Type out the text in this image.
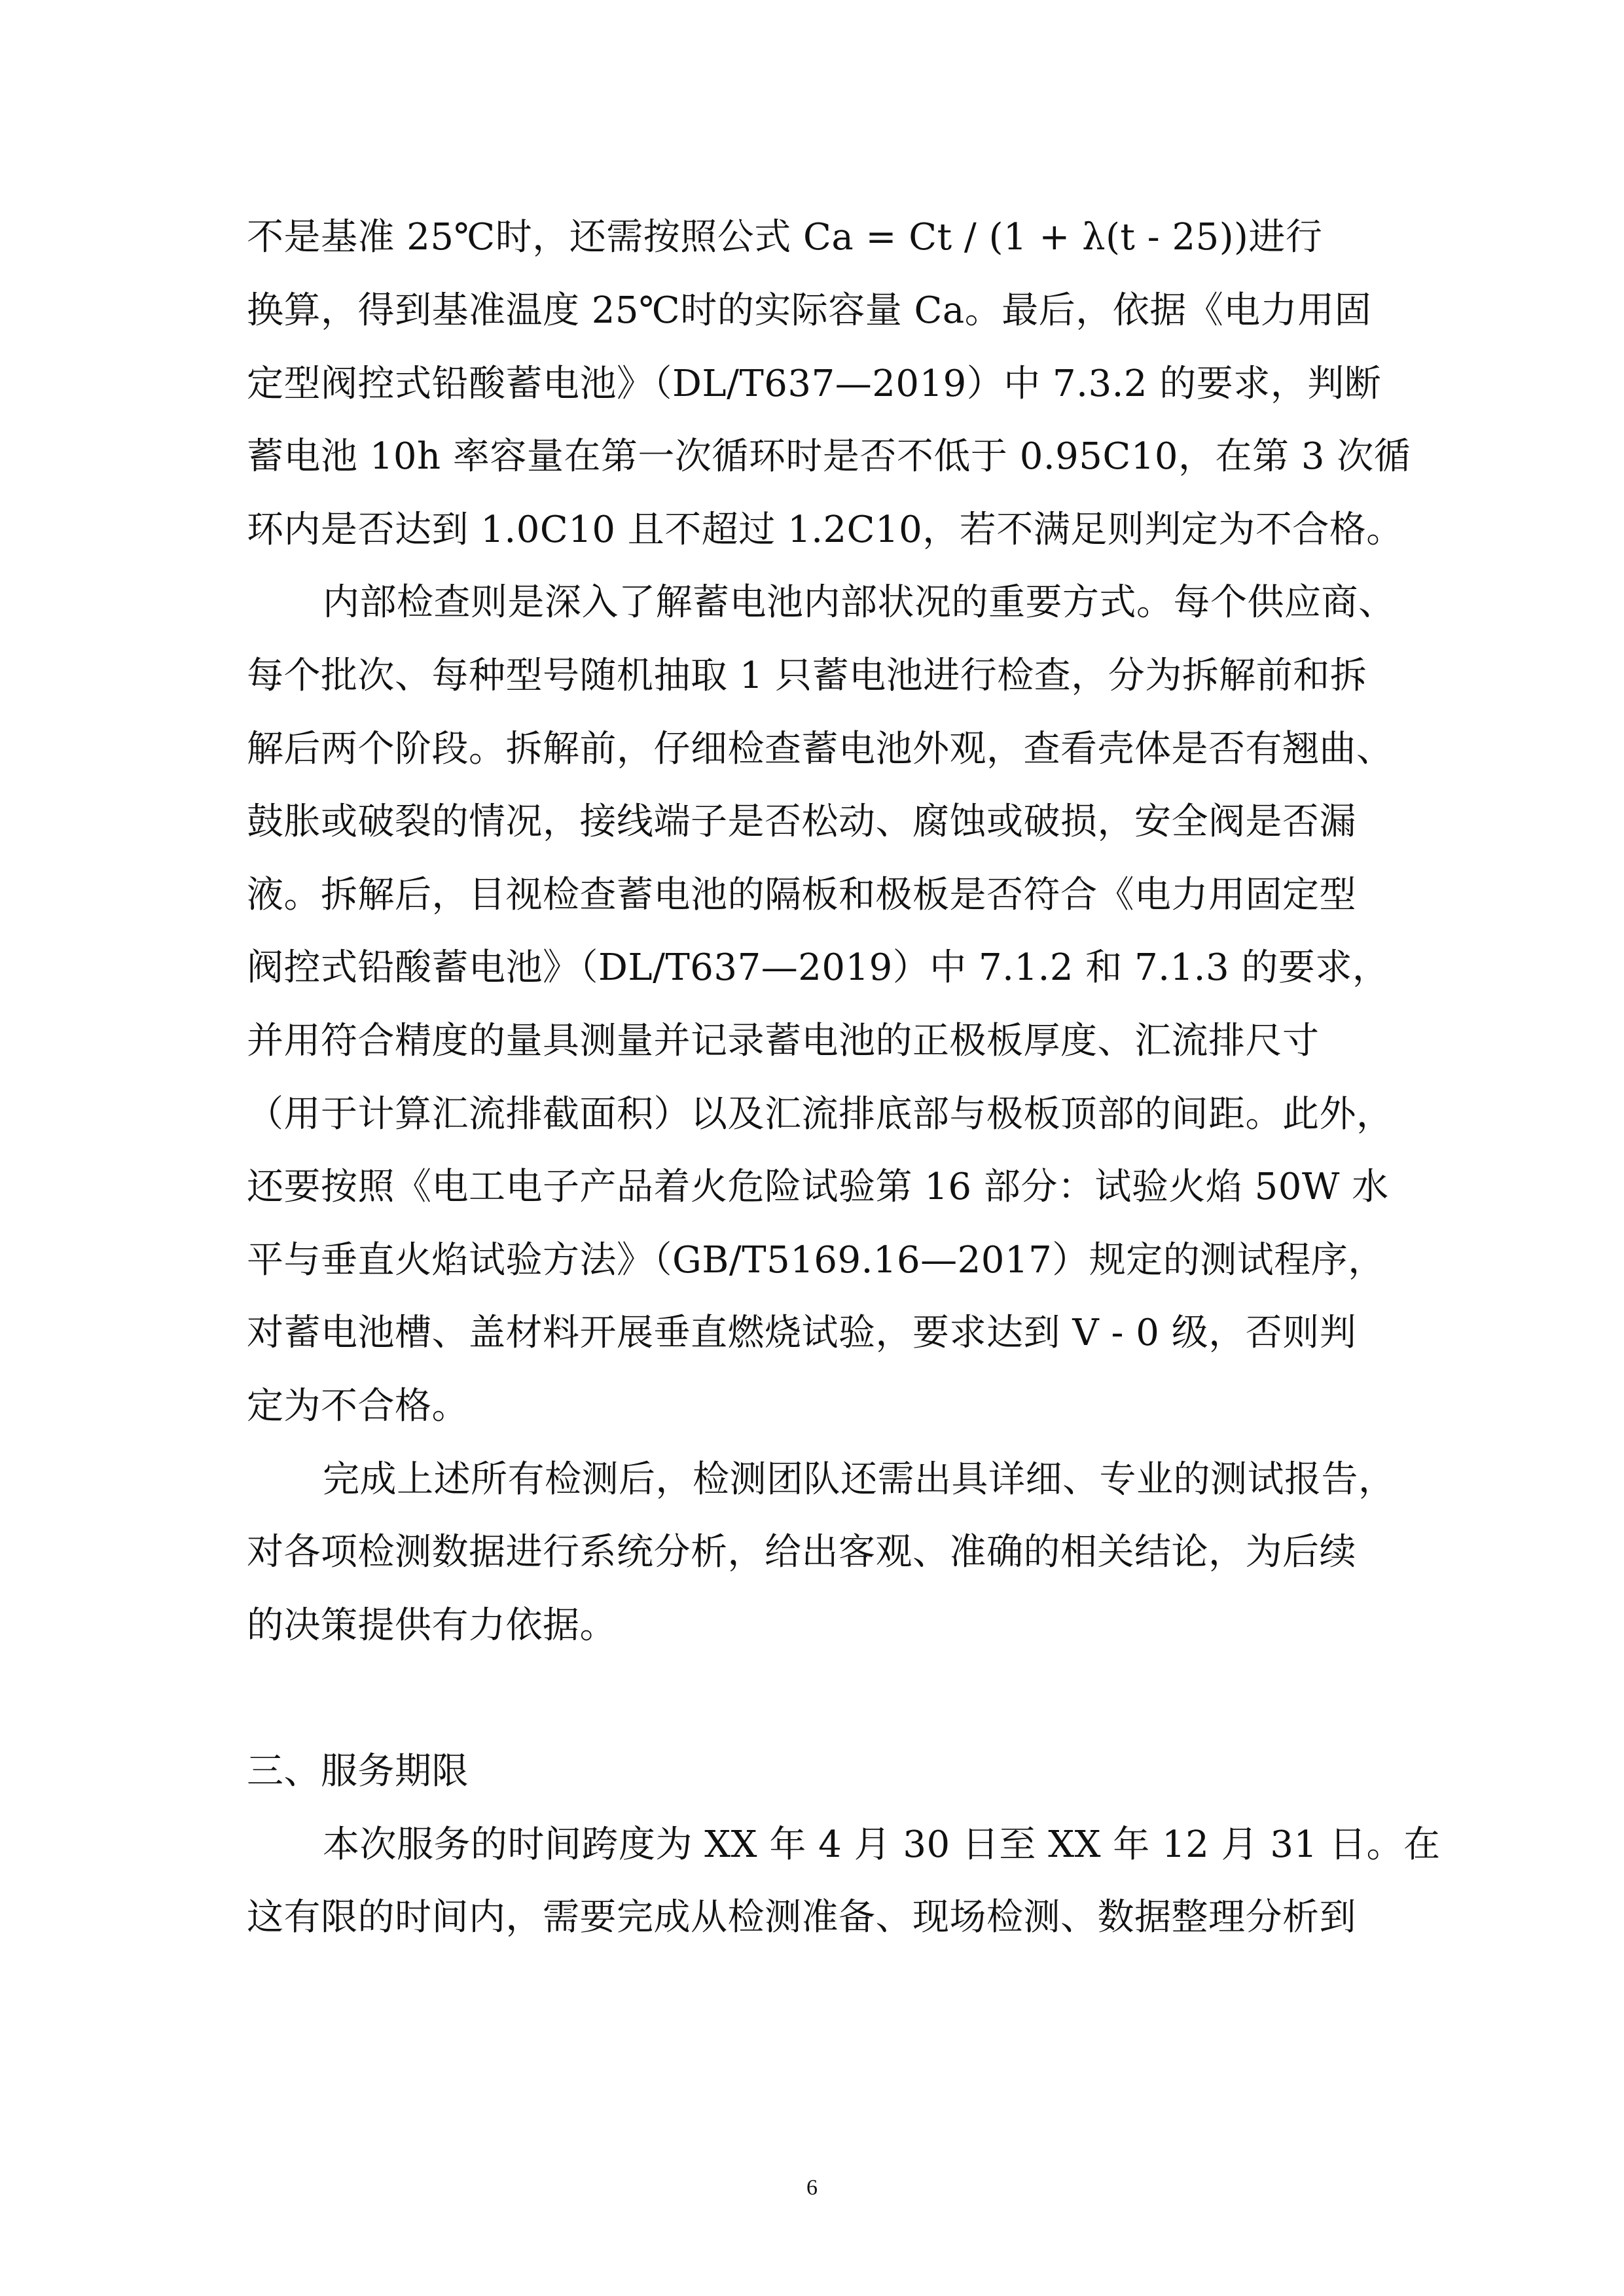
不是基准 25℃时，还需按照公式 Ca = Ct / (1 + λ(t - 25))进行
换算，得到基准温度 25℃时的实际容量 Ca。最后，依据《电力用固
定型阀控式铅酸蓄电池》（DL/T637—2019）中 7.3.2 的要求，判断
蓄电池 10h 率容量在第一次循环时是否不低于 0.95C10，在第 3 次循
环内是否达到 1.0C10 且不超过 1.2C10，若不满足则判定为不合格。
内部检查则是深入了解蓄电池内部状况的重要方式。每个供应商、
每个批次、每种型号随机抽取 1 只蓄电池进行检查，分为拆解前和拆
解后两个阶段。拆解前，仔细检查蓄电池外观，查看壳体是否有翘曲、
鼓胀或破裂的情况，接线端子是否松动、腐蚀或破损，安全阀是否漏
液。拆解后，目视检查蓄电池的隔板和极板是否符合《电力用固定型
阀控式铅酸蓄电池》（DL/T637—2019）中 7.1.2 和 7.1.3 的要求，
并用符合精度的量具测量并记录蓄电池的正极板厚度、汇流排尺寸
（用于计算汇流排截面积）以及汇流排底部与极板顶部的间距。此外，
还要按照《电工电子产品着火危险试验第 16 部分：试验火焰 50W 水
平与垂直火焰试验方法》（GB/T5169.16—2017）规定的测试程序，
对蓄电池槽、盖材料开展垂直燃烧试验，要求达到 V - 0 级，否则判
定为不合格。
完成上述所有检测后，检测团队还需出具详细、专业的测试报告，
对各项检测数据进行系统分析，给出客观、准确的相关结论，为后续
的决策提供有力依据。
三、服务期限
本次服务的时间跨度为 XX 年 4 月 30 日至 XX 年 12 月 31 日。在
这有限的时间内，需要完成从检测准备、现场检测、数据整理分析到
6
